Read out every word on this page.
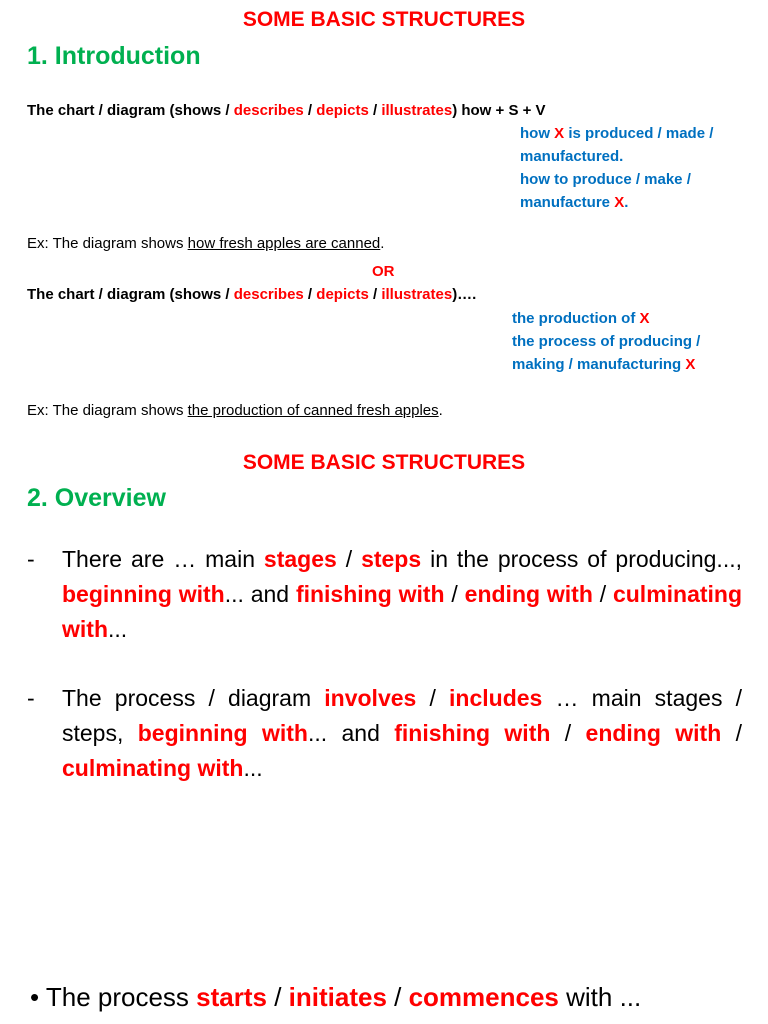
SOME BASIC STRUCTURES
1. Introduction
The chart / diagram (shows / describes / depicts / illustrates) how + S + V
how X is produced / made /
manufactured.
how to produce / make /
manufacture X.
Ex: The diagram shows how fresh apples are canned.
OR
The chart / diagram (shows / describes / depicts / illustrates)….
the production of X
the process of producing /
making / manufacturing X
Ex: The diagram shows the production of canned fresh apples.
SOME BASIC STRUCTURES
2. Overview
- There are … main stages / steps in the process of producing..., beginning with... and finishing with / ending with / culminating with...
- The process / diagram involves / includes … main stages / steps, beginning with... and finishing with / ending with / culminating with...
• The process starts / initiates / commences with ...
